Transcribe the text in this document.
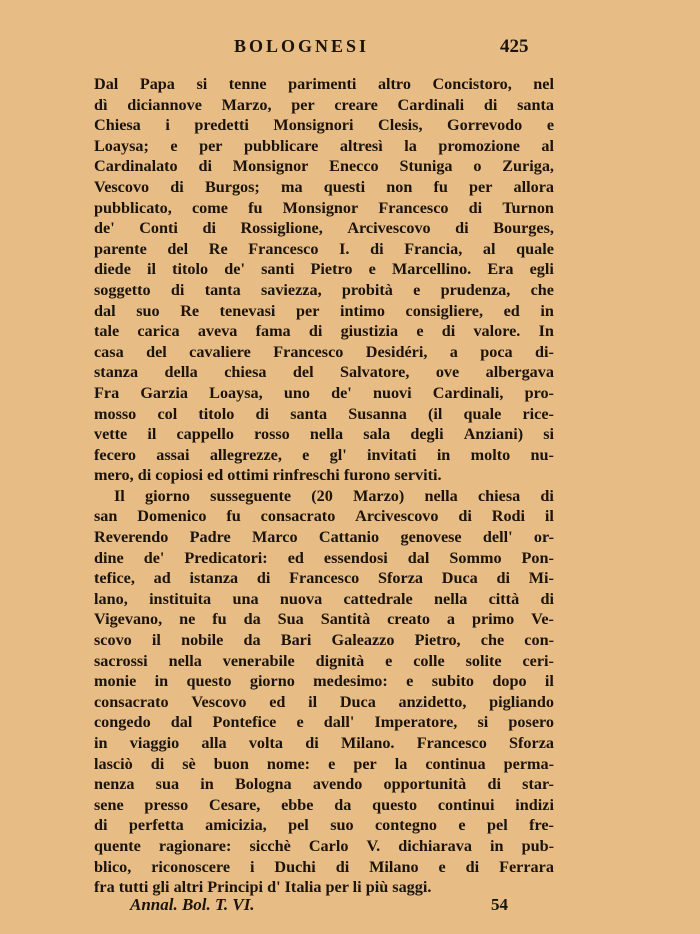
BOLOGNESI	425
Dal Papa si tenne parimenti altro Concistoro, nel
dì diciannove Marzo, per creare Cardinali di santa
Chiesa i predetti Monsignori Clesis, Gorrevodo e
Loaysa; e per pubblicare altresì la promozione al
Cardinalato di Monsignor Enecco Stuniga o Zuriga,
Vescovo di Burgos; ma questi non fu per allora
pubblicato, come fu Monsignor Francesco di Turnon
de' Conti di Rossiglione, Arcivescovo di Bourges,
parente del Re Francesco I. di Francia, al quale
diede il titolo de' santi Pietro e Marcellino. Era egli
soggetto di tanta saviezza, probità e prudenza, che
dal suo Re tenevasi per intimo consigliere, ed in
tale carica aveva fama di giustizia e di valore. In
casa del cavaliere Francesco Desidéri, a poca di-
stanza della chiesa del Salvatore, ove albergava
Fra Garzia Loaysa, uno de' nuovi Cardinali, pro-
mosso col titolo di santa Susanna (il quale rice-
vette il cappello rosso nella sala degli Anziani) si
fecero assai allegrezze, e gl' invitati in molto nu-
mero, di copiosi ed ottimi rinfreschi furono serviti.
Il giorno susseguente (20 Marzo) nella chiesa di
san Domenico fu consacrato Arcivescovo di Rodi il
Reverendo Padre Marco Cattanio genovese dell' or-
dine de' Predicatori: ed essendosi dal Sommo Pon-
tefice, ad istanza di Francesco Sforza Duca di Mi-
lano, instituita una nuova cattedrale nella città di
Vigevano, ne fu da Sua Santità creato a primo Ve-
scovo il nobile da Bari Galeazzo Pietro, che con-
sacrossi nella venerabile dignità e colle solite ceri-
monie in questo giorno medesimo: e subito dopo il
consacrato Vescovo ed il Duca anzidetto, pigliando
congedo dal Pontefice e dall' Imperatore, si posero
in viaggio alla volta di Milano. Francesco Sforza
lasciò di sè buon nome: e per la continua perma-
nenza sua in Bologna avendo opportunità di star-
sene presso Cesare, ebbe da questo continui indizi
di perfetta amicizia, pel suo contegno e pel fre-
quente ragionare: sicchè Carlo V. dichiarava in pub-
blico, riconoscere i Duchi di Milano e di Ferrara
fra tutti gli altri Principi d' Italia per li più saggi.
Annal. Bol. T. VI.	54
